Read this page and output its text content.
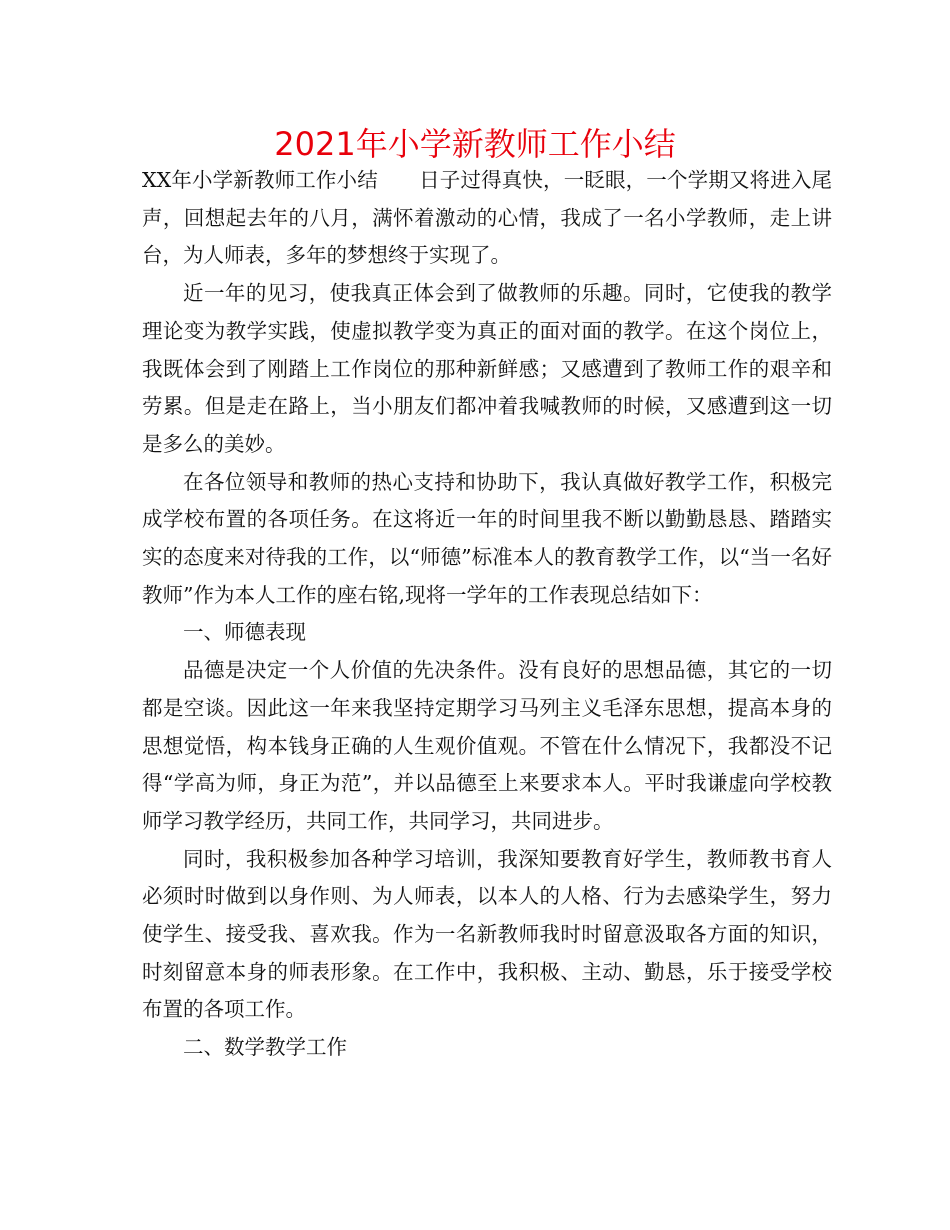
2021年小学新教师工作小结

XX年小学新教师工作小结　　日子过得真快，一眨眼，一个学期又将进入尾声，回想起去年的八月，满怀着激动的心情，我成了一名小学教师，走上讲台，为人师表，多年的梦想终于实现了。

近一年的见习，使我真正体会到了做教师的乐趣。同时，它使我的教学理论变为教学实践，使虚拟教学变为真正的面对面的教学。在这个岗位上，我既体会到了刚踏上工作岗位的那种新鲜感；又感遭到了教师工作的艰辛和劳累。但是走在路上，当小朋友们都冲着我喊教师的时候，又感遭到这一切是多么的美妙。

在各位领导和教师的热心支持和协助下，我认真做好教学工作，积极完成学校布置的各项任务。在这将近一年的时间里我不断以勤勤恳恳、踏踏实实的态度来对待我的工作，以“师德”标准本人的教育教学工作，以“当一名好教师”作为本人工作的座右铭,现将一学年的工作表现总结如下：

一、师德表现

品德是决定一个人价值的先决条件。没有良好的思想品德，其它的一切都是空谈。因此这一年来我坚持定期学习马列主义毛泽东思想，提高本身的思想觉悟，构本钱身正确的人生观价值观。不管在什么情况下，我都没不记得“学高为师，身正为范”，并以品德至上来要求本人。平时我谦虚向学校教师学习教学经历，共同工作，共同学习，共同进步。

同时，我积极参加各种学习培训，我深知要教育好学生，教师教书育人必须时时做到以身作则、为人师表，以本人的人格、行为去感染学生，努力使学生、接受我、喜欢我。作为一名新教师我时时留意汲取各方面的知识，时刻留意本身的师表形象。在工作中，我积极、主动、勤恳，乐于接受学校布置的各项工作。

二、数学教学工作
